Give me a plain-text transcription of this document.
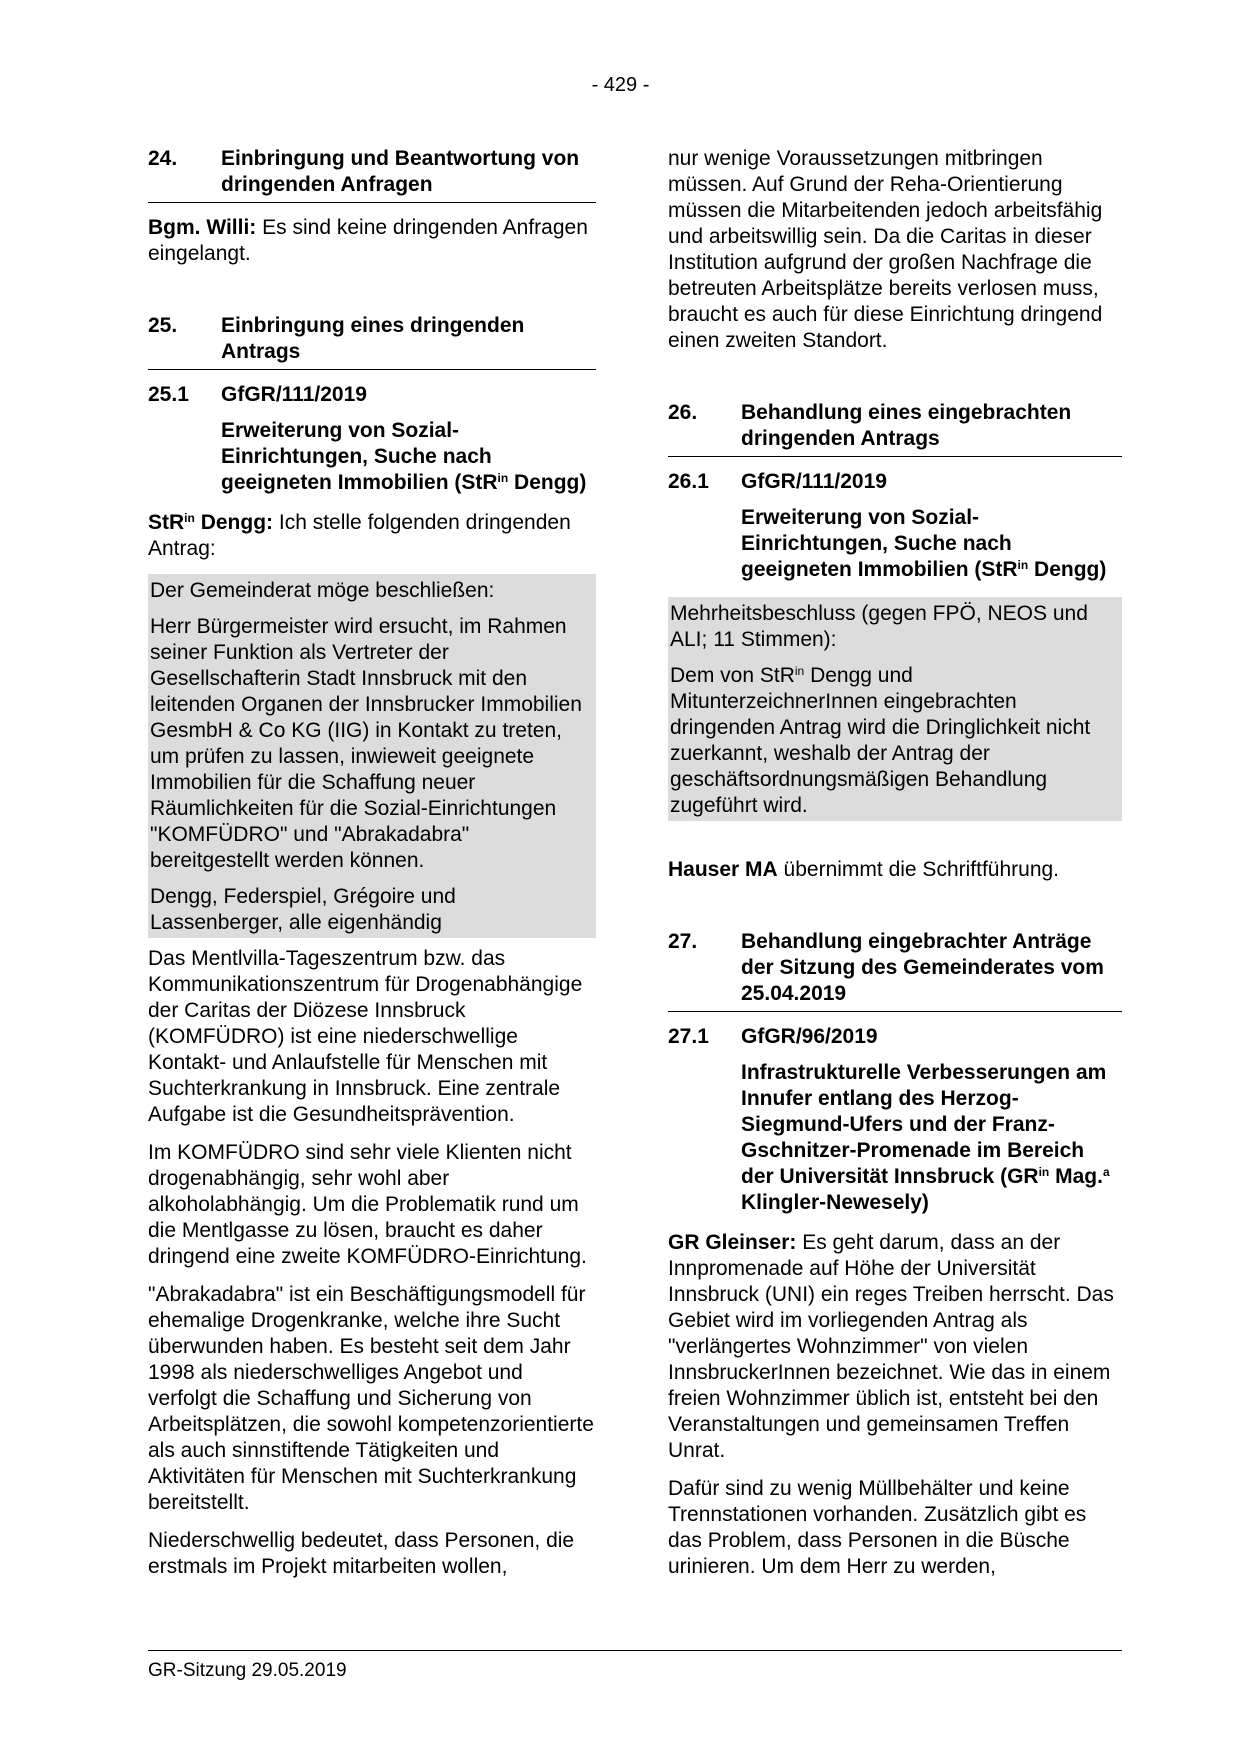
- 429 -
24.	Einbringung und Beantwortung von dringenden Anfragen

Bgm. Willi: Es sind keine dringenden Anfragen eingelangt.

25.	Einbringung eines dringenden Antrags
25.1	GfGR/111/2019
Erweiterung von Sozial-Einrichtungen, Suche nach geeigneten Immobilien (StR$^{in}$ Dengg)

StR$^{in}$ Dengg: Ich stelle folgenden dringenden Antrag:

Der Gemeinderat möge beschließen:

Herr Bürgermeister wird ersucht, im Rahmen seiner Funktion als Vertreter der Gesellschafterin Stadt Innsbruck mit den leitenden Organen der Innsbrucker Immobilien GesmbH & Co KG (IIG) in Kontakt zu treten, um prüfen zu lassen, inwieweit geeignete Immobilien für die Schaffung neuer Räumlichkeiten für die Sozial-Einrichtungen "KOMFÜDRO" und "Abrakadabra" bereitgestellt werden können.

Dengg, Federspiel, Grégoire und Lassenberger, alle eigenhändig

Das Mentlvilla-Tageszentrum bzw. das Kommunikationszentrum für Drogenabhängige der Caritas der Diözese Innsbruck (KOMFÜDRO) ist eine niederschwellige Kontakt- und Anlaufstelle für Menschen mit Suchterkrankung in Innsbruck. Eine zentrale Aufgabe ist die Gesundheitsprävention.

Im KOMFÜDRO sind sehr viele Klienten nicht drogenabhängig, sehr wohl aber alkoholabhängig. Um die Problematik rund um die Mentlgasse zu lösen, braucht es daher dringend eine zweite KOMFÜDRO-Einrichtung.

"Abrakadabra" ist ein Beschäftigungsmodell für ehemalige Drogenkranke, welche ihre Sucht überwunden haben. Es besteht seit dem Jahr 1998 als niederschwelliges Angebot und verfolgt die Schaffung und Sicherung von Arbeitsplätzen, die sowohl kompetenzorientierte als auch sinnstiftende Tätigkeiten und Aktivitäten für Menschen mit Suchterkrankung bereitstellt.

Niederschwellig bedeutet, dass Personen, die erstmals im Projekt mitarbeiten wollen,

nur wenige Voraussetzungen mitbringen müssen. Auf Grund der Reha-Orientierung müssen die Mitarbeitenden jedoch arbeitsfähig und arbeitswillig sein. Da die Caritas in dieser Institution aufgrund der großen Nachfrage die betreuten Arbeitsplätze bereits verlosen muss, braucht es auch für diese Einrichtung dringend einen zweiten Standort.

26.	Behandlung eines eingebrachten dringenden Antrags
26.1	GfGR/111/2019
Erweiterung von Sozial-Einrichtungen, Suche nach geeigneten Immobilien (StR$^{in}$ Dengg)

Mehrheitsbeschluss (gegen FPÖ, NEOS und ALI; 11 Stimmen):

Dem von StR$^{in}$ Dengg und MitunterzeichnerInnen eingebrachten dringenden Antrag wird die Dringlichkeit nicht zuerkannt, weshalb der Antrag der geschäftsordnungsmäßigen Behandlung zugeführt wird.

Hauser MA übernimmt die Schriftführung.

27.	Behandlung eingebrachter Anträge der Sitzung des Gemeinderates vom 25.04.2019
27.1	GfGR/96/2019
Infrastrukturelle Verbesserungen am Innufer entlang des Herzog-Siegmund-Ufers und der Franz-Gschnitzer-Promenade im Bereich der Universität Innsbruck ($GR^{in}$ Mag.$^a$ Klingler-Newesely)

GR Gleinser: Es geht darum, dass an der Innpromenade auf Höhe der Universität Innsbruck (UNI) ein reges Treiben herrscht. Das Gebiet wird im vorliegenden Antrag als "verlängertes Wohnzimmer" von vielen InnsbruckerInnen bezeichnet. Wie das in einem freien Wohnzimmer üblich ist, entsteht bei den Veranstaltungen und gemeinsamen Treffen Unrat.

Dafür sind zu wenig Müllbehälter und keine Trennstationen vorhanden. Zusätzlich gibt es das Problem, dass Personen in die Büsche urinieren. Um dem Herr zu werden,

GR-Sitzung 29.05.2019
